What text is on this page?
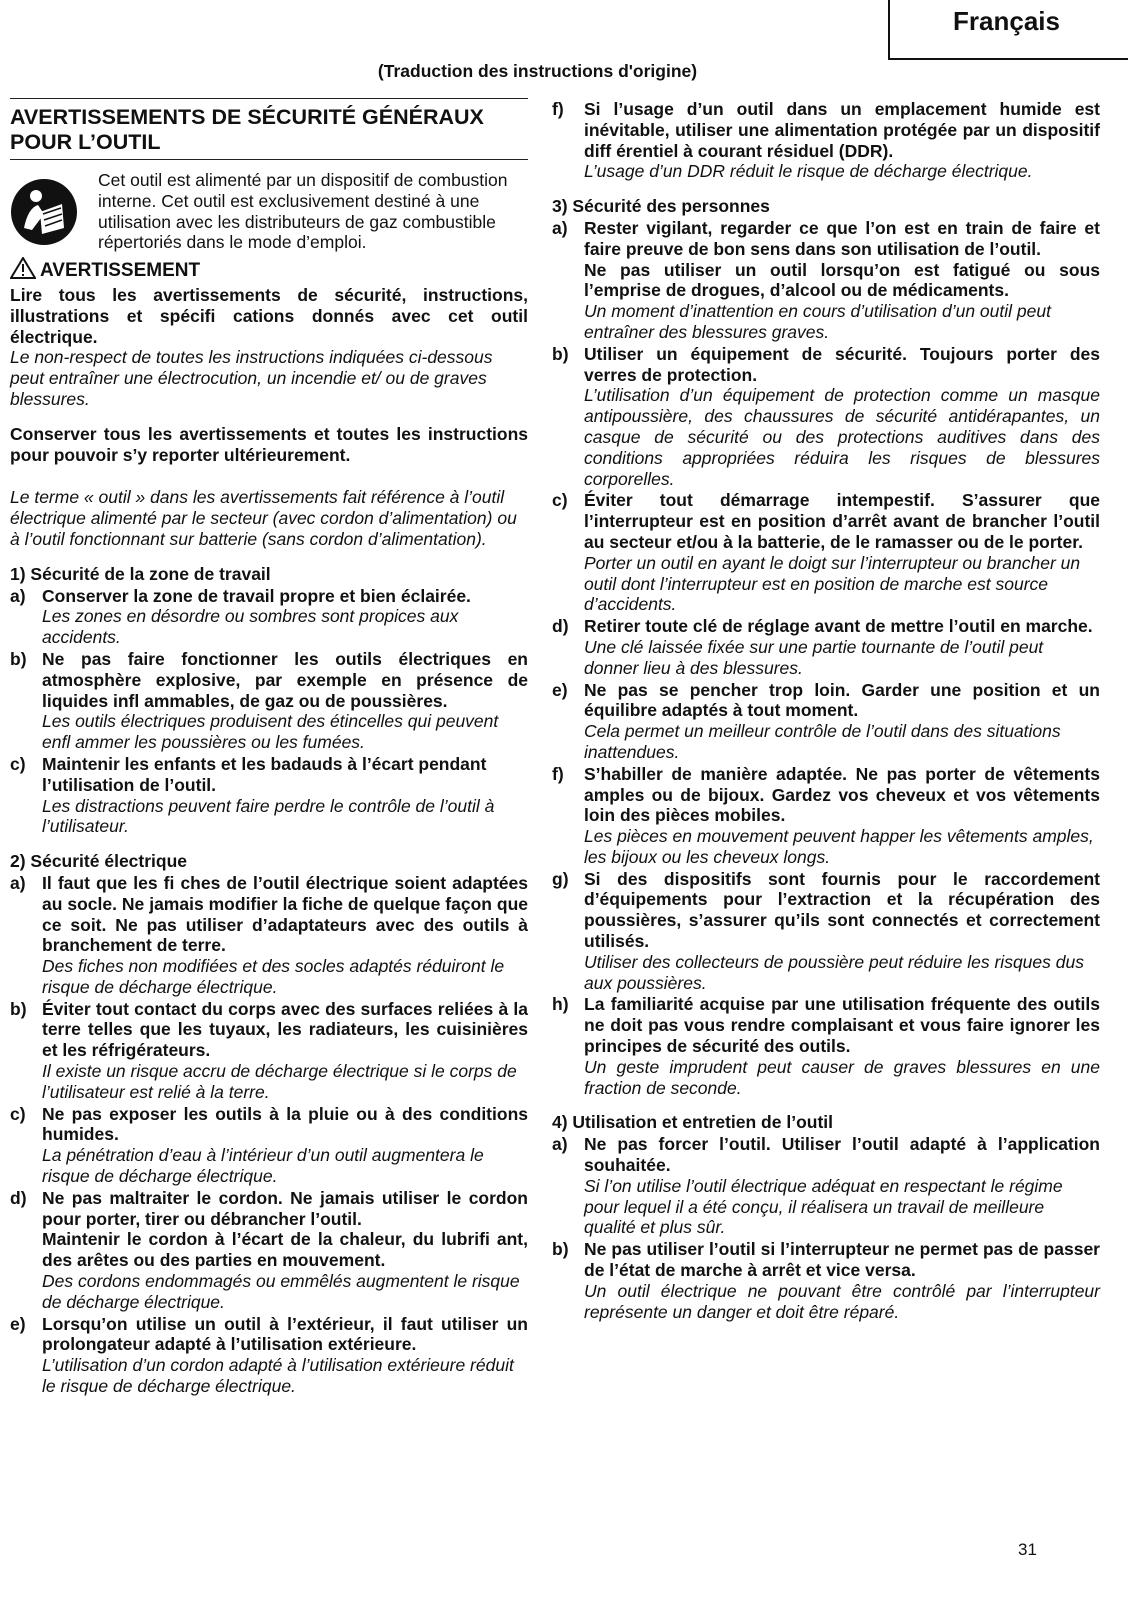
Français
(Traduction des instructions d'origine)
AVERTISSEMENTS DE SÉCURITÉ GÉNÉRAUX POUR L’OUTIL
Cet outil est alimenté par un dispositif de combustion interne. Cet outil est exclusivement destiné à une utilisation avec les distributeurs de gaz combustible répertoriés dans le mode d’emploi.
AVERTISSEMENT
Lire tous les avertissements de sécurité, instructions, illustrations et spécifi cations donnés avec cet outil électrique.
Le non-respect de toutes les instructions indiquées ci-dessous peut entraîner une électrocution, un incendie et/ ou de graves blessures.
Conserver tous les avertissements et toutes les instructions pour pouvoir s’y reporter ultérieurement.
Le terme « outil » dans les avertissements fait référence à l’outil électrique alimenté par le secteur (avec cordon d’alimentation) ou à l’outil fonctionnant sur batterie (sans cordon d’alimentation).
1) Sécurité de la zone de travail
a) Conserver la zone de travail propre et bien éclairée.
Les zones en désordre ou sombres sont propices aux accidents.
b) Ne pas faire fonctionner les outils électriques en atmosphère explosive, par exemple en présence de liquides infl ammables, de gaz ou de poussières.
Les outils électriques produisent des étincelles qui peuvent enfl ammer les poussières ou les fumées.
c) Maintenir les enfants et les badauds à l’écart pendant l’utilisation de l’outil.
Les distractions peuvent faire perdre le contrôle de l’outil à l’utilisateur.
2) Sécurité électrique
a) Il faut que les fi ches de l’outil électrique soient adaptées au socle. Ne jamais modifier la fiche de quelque façon que ce soit. Ne pas utiliser d’adaptateurs avec des outils à branchement de terre.
Des fiches non modifiées et des socles adaptés réduiront le risque de décharge électrique.
b) Éviter tout contact du corps avec des surfaces reliées à la terre telles que les tuyaux, les radiateurs, les cuisinières et les réfrigérateurs.
Il existe un risque accru de décharge électrique si le corps de l’utilisateur est relié à la terre.
c) Ne pas exposer les outils à la pluie ou à des conditions humides.
La pénétration d’eau à l’intérieur d’un outil augmentera le risque de décharge électrique.
d) Ne pas maltraiter le cordon. Ne jamais utiliser le cordon pour porter, tirer ou débrancher l’outil.
Maintenir le cordon à l’écart de la chaleur, du lubrifi ant, des arêtes ou des parties en mouvement.
Des cordons endommagés ou emmêlés augmentent le risque de décharge électrique.
e) Lorsqu’on utilise un outil à l’extérieur, il faut utiliser un prolongateur adapté à l’utilisation extérieure.
L’utilisation d’un cordon adapté à l’utilisation extérieure réduit le risque de décharge électrique.
f)	Si l’usage d’un outil dans un emplacement humide est inévitable, utiliser une alimentation protégée par un dispositif diff érentiel à courant résiduel (DDR).
L’usage d’un DDR réduit le risque de décharge électrique.
3) Sécurité des personnes
a) Rester vigilant, regarder ce que l’on est en train de faire et faire preuve de bon sens dans son utilisation de l’outil.
Ne pas utiliser un outil lorsqu’on est fatigué ou sous l’emprise de drogues, d’alcool ou de médicaments.
Un moment d’inattention en cours d’utilisation d’un outil peut entraîner des blessures graves.
b) Utiliser un équipement de sécurité. Toujours porter des verres de protection.
L’utilisation d’un équipement de protection comme un masque antipoussière, des chaussures de sécurité antidérapantes, un casque de sécurité ou des protections auditives dans des conditions appropriées réduira les risques de blessures corporelles.
c) Éviter tout démarrage intempestif. S’assurer que l’interrupteur est en position d’arrêt avant de brancher l’outil au secteur et/ou à la batterie, de le ramasser ou de le porter.
Porter un outil en ayant le doigt sur l’interrupteur ou brancher un outil dont l’interrupteur est en position de marche est source d’accidents.
d) Retirer toute clé de réglage avant de mettre l’outil en marche.
Une clé laissée fixée sur une partie tournante de l’outil peut donner lieu à des blessures.
e) Ne pas se pencher trop loin. Garder une position et un équilibre adaptés à tout moment.
Cela permet un meilleur contrôle de l’outil dans des situations inattendues.
f)	S’habiller de manière adaptée. Ne pas porter de vêtements amples ou de bijoux. Gardez vos cheveux et vos vêtements loin des pièces mobiles.
Les pièces en mouvement peuvent happer les vêtements amples, les bijoux ou les cheveux longs.
g) Si des dispositifs sont fournis pour le raccordement d’équipements pour l’extraction et la récupération des poussières, s’assurer qu’ils sont connectés et correctement utilisés.
Utiliser des collecteurs de poussière peut réduire les risques dus aux poussières.
h) La familiarité acquise par une utilisation fréquente des outils ne doit pas vous rendre complaisant et vous faire ignorer les principes de sécurité des outils.
Un geste imprudent peut causer de graves blessures en une fraction de seconde.
4) Utilisation et entretien de l’outil
a) Ne pas forcer l’outil. Utiliser l’outil adapté à l’application souhaitée.
Si l’on utilise l’outil électrique adéquat en respectant le régime pour lequel il a été conçu, il réalisera un travail de meilleure qualité et plus sûr.
b) Ne pas utiliser l’outil si l’interrupteur ne permet pas de passer de l’état de marche à arrêt et vice versa.
Un outil électrique ne pouvant être contrôlé par l’interrupteur représente un danger et doit être réparé.
31
